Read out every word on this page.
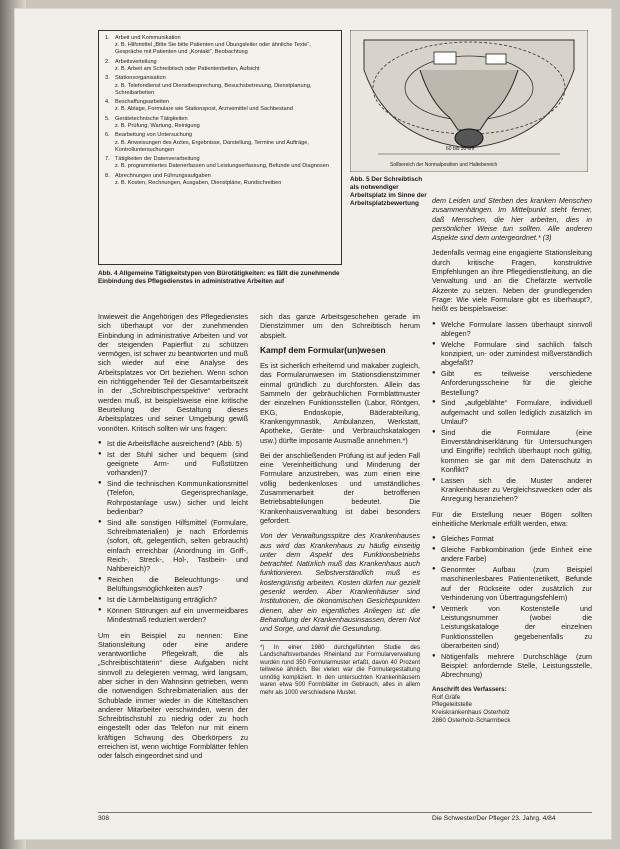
1. Arbeit und Kommunikation
z. B. Hilfsmittel „Bitte Sie bitte Patienten und Übungsleiter oder ähnliche Texte“, Gespräche mit Patienten und „Kontakt“, Beobachtung
2. Arbeitsverteilung
z. B. Arbeit am Schreibtisch oder Patientenbetten, Aufsicht
3. Stationsorganisation
z. B. Telefondienst und Dienstbesprechung, Besuchsbetreuung, Dienstplanung, Schreibarbeiten
4. Beschaffungsarbeiten
z. B. Ablage, Formulare wie Stationspost, Arzneimittel und Sachbestand
5. Gerätetechnische Tätigkeiten
z. B. Prüfung, Wartung, Reinigung
6. Bearbeitung von Untersuchung
z. B. Anweisungen des Arztes, Ergebnisse, Darstellung, Termine und Aufträge, Kontrolluntersuchungen
7. Tätigkeiten der Datenverarbeitung
z. B. programmiertes Datenerfassen und Leistungserfassung, Befunde und Diagnosen
8. Abrechnungen und Führungsaufgaben
z. B. Kosten, Rechnungen, Ausgaben, Dienstpläne, Rundschreiben
Abb. 4 Allgemeine Tätigkeitstypen von Bürotätigkeiten: es fällt die zunehmende Einbindung des Pflegedienstes in administrative Arbeiten auf
60 bis 30 cm
Sollbereich der Normalposition und Haltebereich
Abb. 5 Der Schreibtisch als notwendiger Arbeitsplatz im Sinne der Arbeitsplatzbewertung

Inwieweit die Angehörigen des Pflegedienstes sich überhaupt vor der zunehmenden Einbindung in administrative Arbeiten und vor der steigenden Papierflut zu schützen vermögen, ist schwer zu beantworten und muß sich wieder auf eine Analyse des Arbeitsplatzes vor Ort beziehen. Wenn schon ein richtiggehender Teil der Gesamtarbeitszeit in der „Schreibtischperspektive“ verbracht werden muß, ist beispielsweise eine kritische Beurteilung der Gestaltung dieses Arbeitsplatzes und seiner Umgebung gewiß vonnöten. Kritisch sollten wir uns fragen:

● Ist die Arbeitsfläche ausreichend? (Abb. 5)
● Ist der Stuhl sicher und bequem (sind geeignete Arm- und Fußstützen vorhanden)?
● Sind die technischen Kommunikationsmittel (Telefon, Gegensprechanlage, Rohrpostanlage usw.) sicher und leicht bedienbar?
● Sind alle sonstigen Hilfsmittel (Formulare, Schreibmaterialien) je nach Erfordernis (sofort, oft, gelegentlich, selten gebraucht) einfach erreichbar (Anordnung im Griff-, Reich-, Streck-, Hol-, Tastbein- und Nahbereich)?
● Reichen die Beleuchtungs- und Belüftungsmöglichkeiten aus?
● Ist die Lärmbelästigung erträglich?
● Können Störungen auf ein unvermeidbares Mindestmaß reduziert werden?

Um ein Beispiel zu nennen: Eine Stationsleitung oder eine andere verantwortliche Pflegekraft, die als „Schreibtischtäterin“ diese Aufgaben nicht sinnvoll zu delegieren vermag, wird langsam, aber sicher in den Wahnsinn getrieben, wenn die notwendigen Schreibmaterialien aus der Schublade immer wieder in die Kitteltaschen anderer Mitarbeiter verschwinden, wenn der Schreibtischstuhl zu niedrig oder zu hoch eingestellt oder das Telefon nur mit einem kräftigen Schwung des Oberkörpers zu erreichen ist, wenn wichtige Formblätter fehlen oder falsch eingeordnet sind und

sich das ganze Arbeitsgeschehen gerade im Dienstzimmer um den Schreibtisch herum abspielt.

Kampf dem Formular(un)wesen

Es ist sicherlich erheiternd und makaber zugleich, das Formularunwesen im Stationsdienstzimmer einmal gründlich zu durchforsten. Allein das Sammeln der gebräuchlichen Formblattmuster der einzelnen Funktionsstellen (Labor, Röntgen, EKG, Endoskopie, Bäderabteilung, Krankengymnastik, Ambulanzen, Werkstatt, Apotheke, Geräte- und Verbrauchskatalogen usw.) dürfte imposante Ausmaße annehmen.*)

Bei der anschließenden Prüfung ist auf jeden Fall eine Vereinheitlichung und Minderung der Formulare anzustreben, was zum einen eine völlig bedenkenloses und umständliches Zusammenarbeit der betroffenen Betriebsabteilungen bedeutet. Die Krankenhausverwaltung ist dabei besonders gefordert.

Von der Verwaltungsspitze des Krankenhauses aus wird das Krankenhaus zu häufig einseitig unter dem Aspekt des Funktionsbetriebs betrachtet. Natürlich muß das Krankenhaus auch funktionieren. Selbstverständlich muß es kostengünstig arbeiten. Kosten dürfen nur gezielt gesenkt werden. Aber Krankenhäuser sind Institutionen, die ökonomischen Gesichtspunkten dienen, aber ein eigentliches Anliegen ist: die Behandlung der Krankenhausinsassen, deren Not und Sorge, und damit die Gesundung.

*) In einer 1980 durchgeführten Studie des Landschaftsverbandes Rheinland zur Formularverwaltung wurden rund 350 Formularmuster erfaßt, davon 40 Prozent teilweise ähnlich. Bei vielen war die Formulargestaltung unnötig kompliziert. In den untersuchten Krankenhäusern waren etwa 500 Formblätter im Gebrauch, alles in allem mehr als 1000 verschiedene Muster.

dem Leiden und Sterben des kranken Menschen zusammenhängen. Im Mittelpunkt steht ferner, daß Menschen, die hier arbeiten, dies in persönlicher Weise tun sollten. Alle anderen Aspekte sind dem untergeordnet.* (3)

Jedenfalls vermag eine engagierte Stationsleitung durch kritische Fragen, konstruktive Empfehlungen an ihre Pflegedienstleitung, an die Verwaltung und an die Chefärzte wertvolle Akzente zu setzen. Neben der grundlegenden Frage: Wie viele Formulare gibt es überhaupt?, heißt es beispielsweise:

● Welche Formulare lassen überhaupt sinnvoll ablegen?
● Welche Formulare sind sachlich falsch konzipiert, un- oder zumindest mißverständlich abgefaßt?
● Gibt es teilweise verschiedene Anforderungsscheine für die gleiche Bestellung?
● Sind „aufgeblähte“ Formulare, individuell aufgemacht und sollen lediglich zusätzlich im Umlauf?
● Sind die Formulare (eine Einverständniserklärung für Untersuchungen und Eingriffe) rechtlich überhaupt noch gültig, kommen sie gar mit dem Datenschutz in Konflikt?
● Lassen sich die Muster anderer Krankenhäuser zu Vergleichszwecken oder als Anregung heranziehen?

Für die Erstellung neuer Bögen sollten einheitliche Merkmale erfüllt werden, etwa:

● Gleiches Format
● Gleiche Farbkombination (jede Einheit eine andere Farbe)
● Genormter Aufbau (zum Beispiel maschinenlesbares Patientenetikett, Befunde auf der Rückseite oder zusätzlich zur Verhinderung von Übertragungsfehlern)
● Vermerk von Kostenstelle und Leistungsnummer (wobei die Leistungskataloge der einzelnen Funktionsstellen gegebenenfalls zu überarbeiten sind)
● Nötigenfalls mehrere Durchschläge (zum Beispiel: anfordernde Stelle, Leistungsstelle, Abrechnung)
Anschrift des Verfassers:
Rolf Gräfe
Pflegeleitstelle
Kreiskrankenhaus Osterholz
2860 Osterholz-Scharmbeck
308	Die Schwester/Der Pfleger 23. Jahrg. 4/84
